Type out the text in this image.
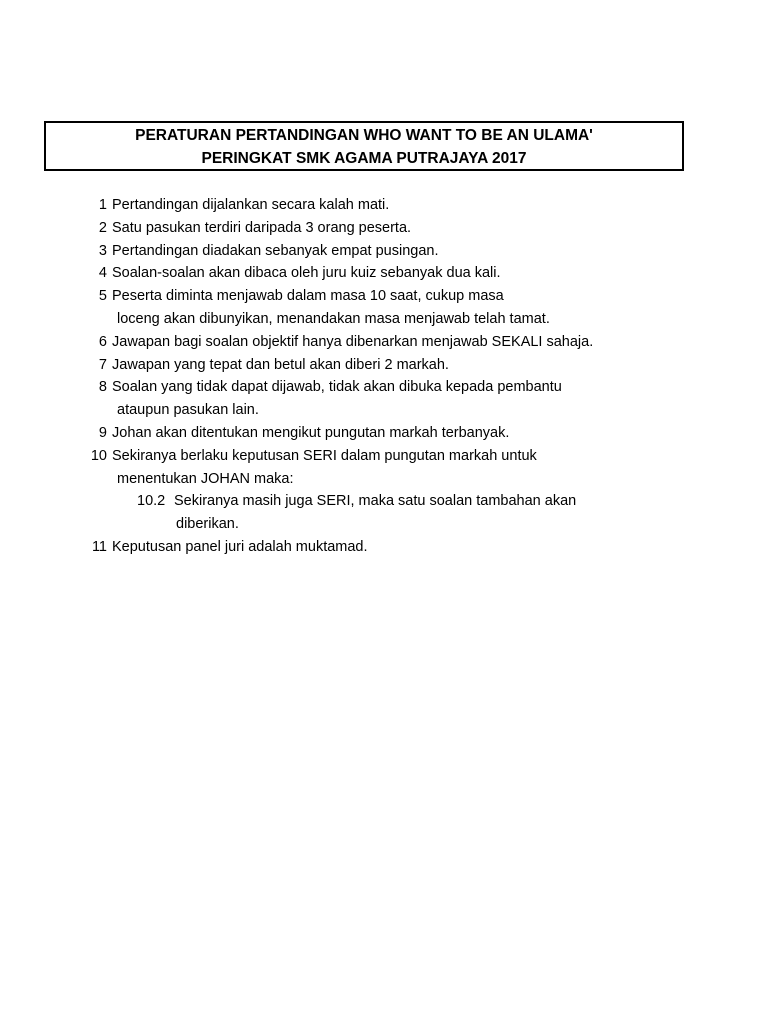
PERATURAN PERTANDINGAN WHO WANT TO BE AN ULAMA'
PERINGKAT SMK AGAMA PUTRAJAYA 2017
1 Pertandingan dijalankan secara kalah mati.
2 Satu pasukan terdiri daripada 3 orang peserta.
3 Pertandingan diadakan sebanyak empat pusingan.
4 Soalan-soalan akan dibaca oleh juru kuiz sebanyak dua kali.
5 Peserta diminta menjawab dalam masa 10 saat, cukup masa
loceng akan dibunyikan, menandakan masa menjawab telah tamat.
6 Jawapan bagi soalan objektif hanya dibenarkan menjawab SEKALI sahaja.
7 Jawapan yang tepat dan betul akan diberi 2 markah.
8 Soalan yang tidak dapat dijawab, tidak akan dibuka kepada pembantu
ataupun pasukan lain.
9 Johan akan ditentukan mengikut pungutan markah terbanyak.
10 Sekiranya berlaku keputusan SERI dalam pungutan markah untuk
menentukan JOHAN maka:
10.2 Sekiranya masih juga SERI, maka satu soalan tambahan akan
diberikan.
11 Keputusan panel juri adalah muktamad.
